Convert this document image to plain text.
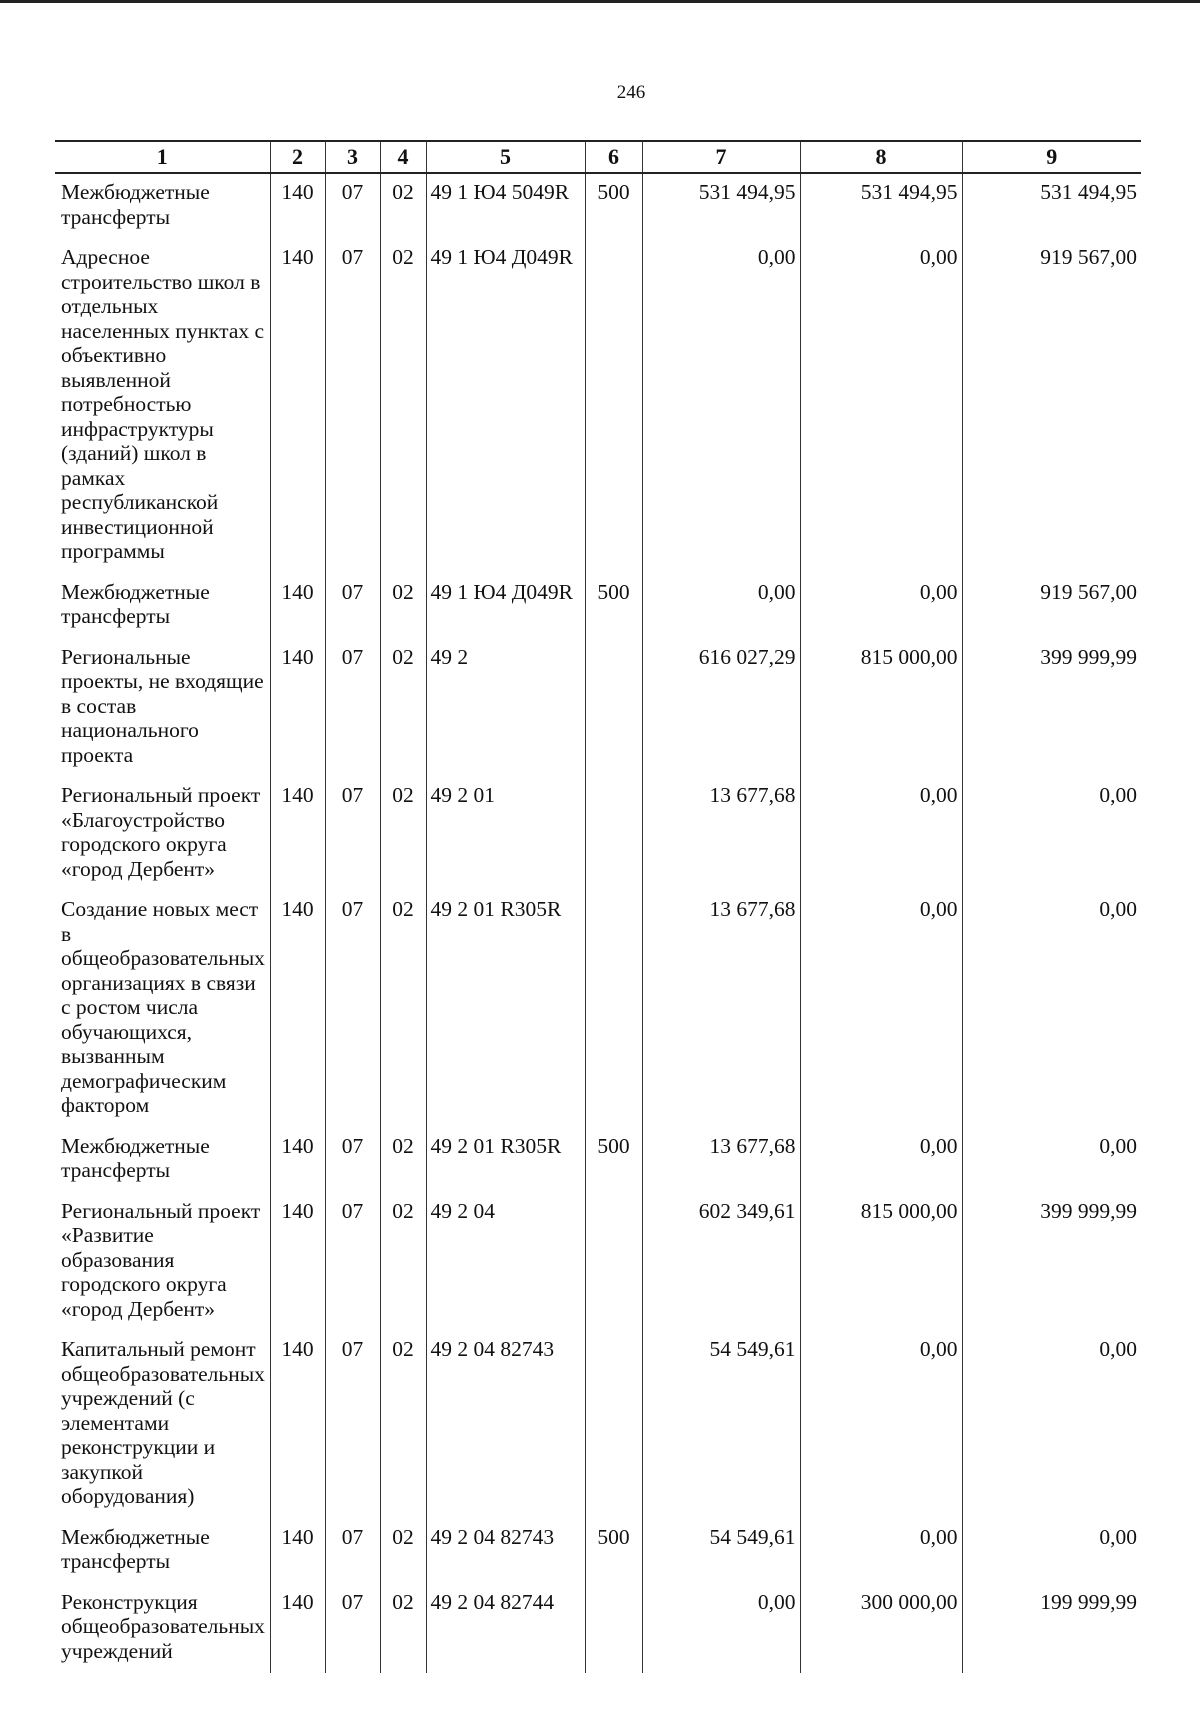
246
1	2	3	4	5	6	7	8	9
Межбюджетные трансферты	140	07	02	49 1 Ю4 5049R	500	531 494,95	531 494,95	531 494,95
Адресное строительство школ в отдельных населенных пунктах с объективно выявленной потребностью инфраструктуры (зданий) школ в рамках республиканской инвестиционной программы	140	07	02	49 1 Ю4 Д049R		0,00	0,00	919 567,00
Межбюджетные трансферты	140	07	02	49 1 Ю4 Д049R	500	0,00	0,00	919 567,00
Региональные проекты, не входящие в состав национального проекта	140	07	02	49 2		616 027,29	815 000,00	399 999,99
Региональный проект «Благоустройство городского округа «город Дербент»	140	07	02	49 2 01		13 677,68	0,00	0,00
Создание новых мест в общеобразовательных организациях в связи с ростом числа обучающихся, вызванным демографическим фактором	140	07	02	49 2 01 R305R		13 677,68	0,00	0,00
Межбюджетные трансферты	140	07	02	49 2 01 R305R	500	13 677,68	0,00	0,00
Региональный проект «Развитие образования городского округа «город Дербент»	140	07	02	49 2 04		602 349,61	815 000,00	399 999,99
Капитальный ремонт общеобразовательных учреждений (с элементами реконструкции и закупкой оборудования)	140	07	02	49 2 04 82743		54 549,61	0,00	0,00
Межбюджетные трансферты	140	07	02	49 2 04 82743	500	54 549,61	0,00	0,00
Реконструкция общеобразовательных учреждений	140	07	02	49 2 04 82744		0,00	300 000,00	199 999,99
